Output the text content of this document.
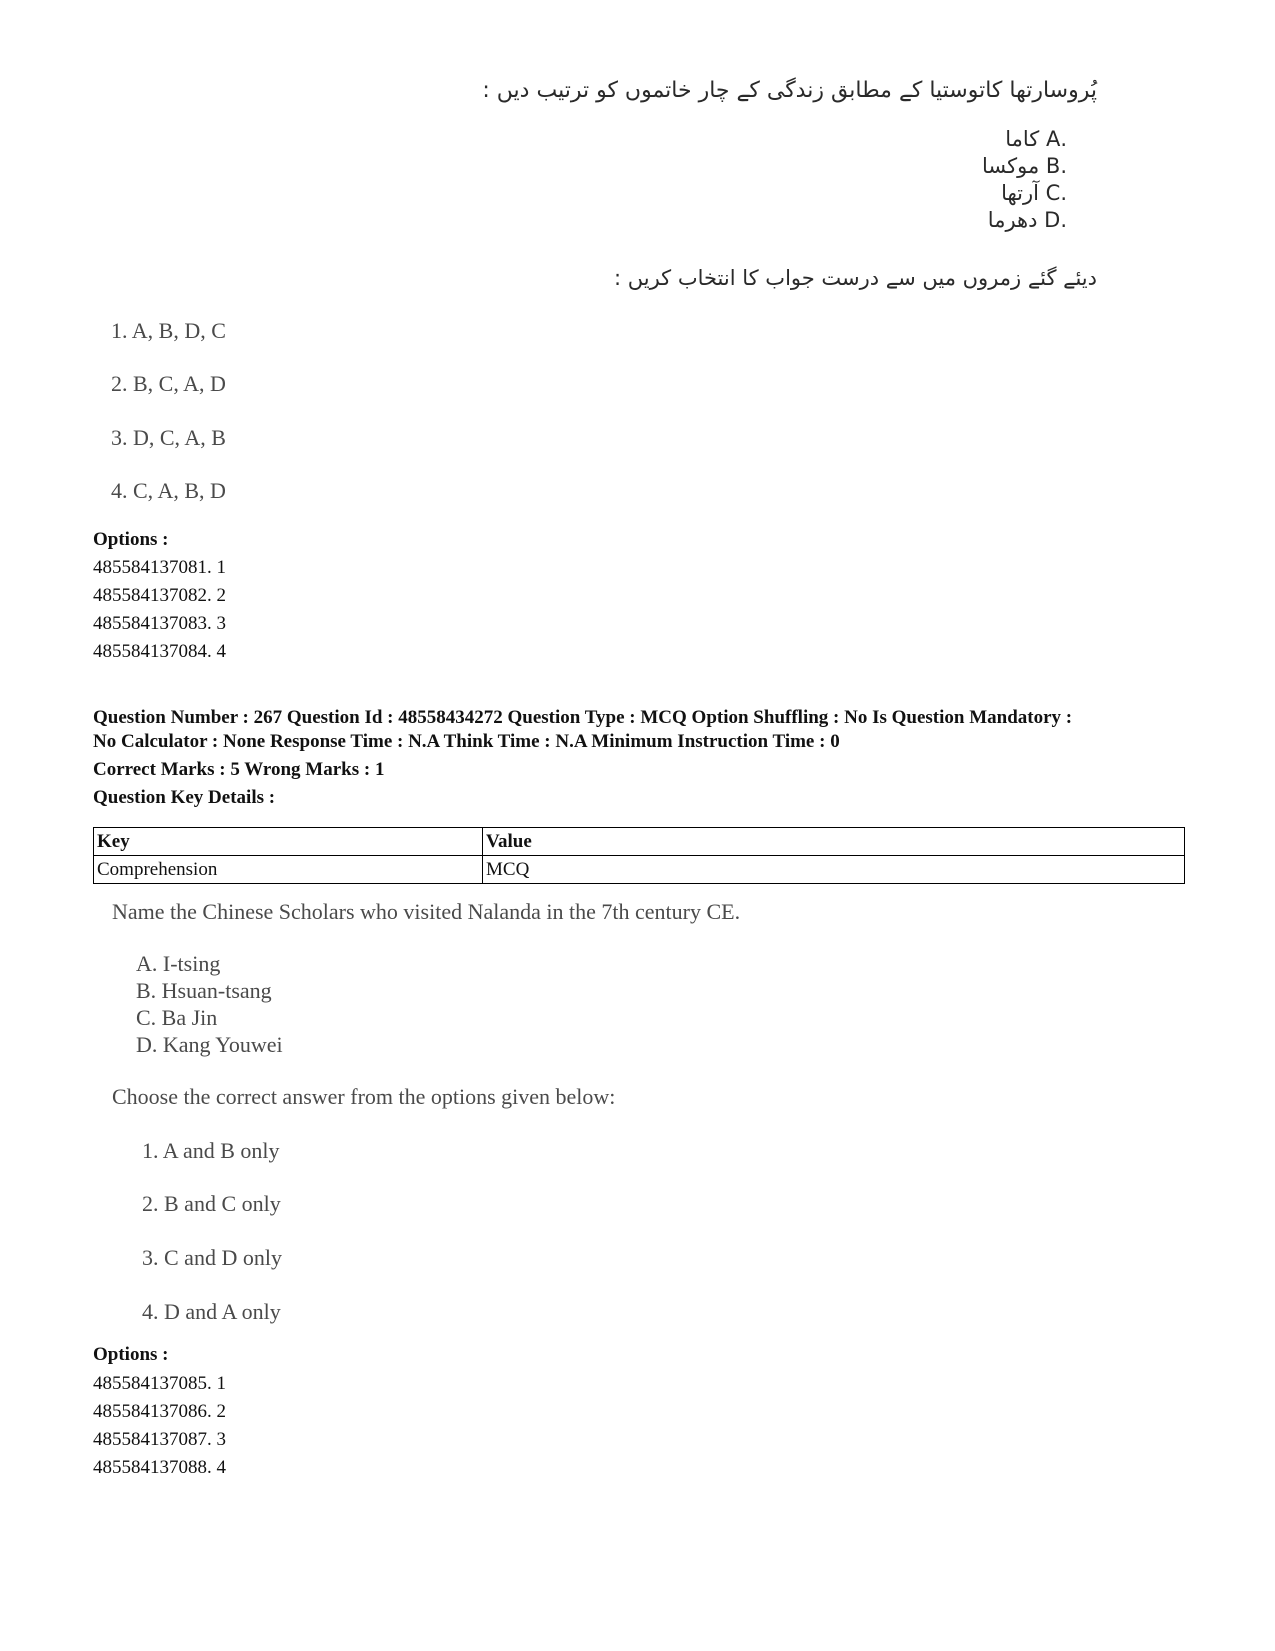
پُروسارتھا کاتوستیا کے مطابق زندگی کے چار خاتموں کو ترتیب دیں :
.A کاما
.B موکسا
.C آرتھا
.D دھرما
دیئے گئے زمروں میں سے درست جواب کا انتخاب کریں :
1. A, B, D, C
2. B, C, A, D
3. D, C, A, B
4. C, A, B, D
Options :
485584137081. 1
485584137082. 2
485584137083. 3
485584137084. 4
Question Number : 267 Question Id : 48558434272 Question Type : MCQ Option Shuffling : No Is Question Mandatory :
No Calculator : None Response Time : N.A Think Time : N.A Minimum Instruction Time : 0
Correct Marks : 5 Wrong Marks : 1
Question Key Details :
Key	Value
Comprehension	MCQ
Name the Chinese Scholars who visited Nalanda in the 7th century CE.
A. I-tsing
B. Hsuan-tsang
C. Ba Jin
D. Kang Youwei
Choose the correct answer from the options given below:
1. A and B only
2. B and C only
3. C and D only
4. D and A only
Options :
485584137085. 1
485584137086. 2
485584137087. 3
485584137088. 4
